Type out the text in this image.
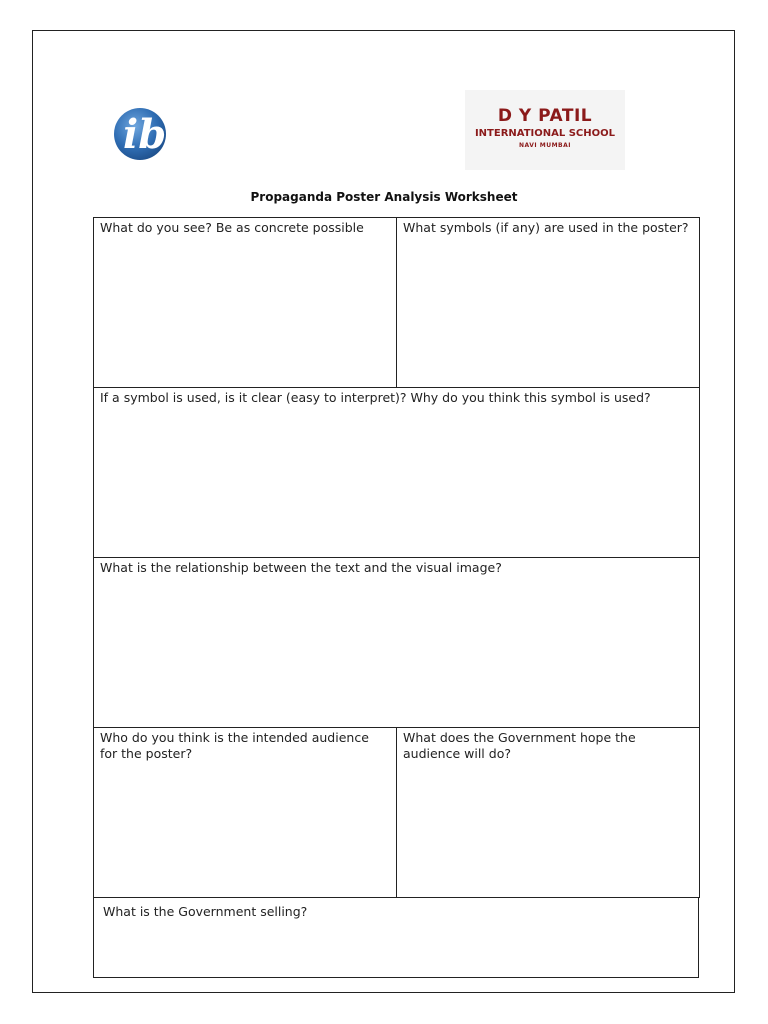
ib	D Y PATIL
INTERNATIONAL SCHOOL
NAVI MUMBAI
Propaganda Poster Analysis Worksheet

What do you see? Be as concrete possible	What symbols (if any) are used in the poster?

If a symbol is used, is it clear (easy to interpret)? Why do you think this symbol is used?

What is the relationship between the text and the visual image?

Who do you think is the intended audience for the poster?

What does the Government hope the audience will do?

What is the Government selling?
